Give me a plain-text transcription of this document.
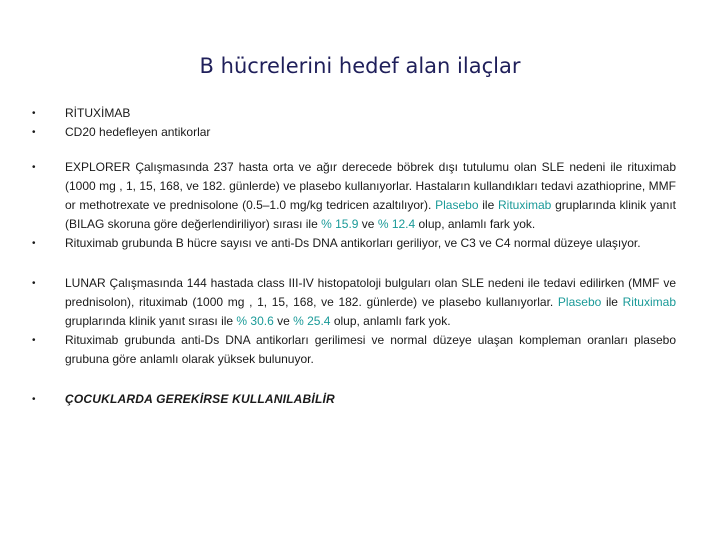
B hücrelerini hedef alan ilaçlar
• RİTUXİMAB
• CD20 hedefleyen antikorlar
• EXPLORER Çalışmasında 237 hasta orta ve ağır derecede böbrek dışı tutulumu olan SLE nedeni ile rituximab (1000 mg , 1, 15, 168, ve 182. günlerde) ve plasebo kullanıyorlar. Hastaların kullandıkları tedavi azathioprine, MMF or methotrexate ve prednisolone (0.5–1.0 mg/kg tedricen azaltılıyor). Plasebo ile Rituximab gruplarında klinik yanıt (BILAG skoruna göre değerlendiriliyor) sırası ile % 15.9 ve % 12.4 olup, anlamlı fark yok.
• Rituximab grubunda B hücre sayısı ve anti-Ds DNA antikorları geriliyor, ve C3 ve C4 normal düzeye ulaşıyor.
• LUNAR Çalışmasında 144 hastada class III-IV histopatoloji bulguları olan SLE nedeni ile tedavi edilirken (MMF ve prednisolon), rituximab (1000 mg , 1, 15, 168, ve 182. günlerde) ve plasebo kullanıyorlar. Plasebo ile Rituximab gruplarında klinik yanıt sırası ile % 30.6 ve % 25.4 olup, anlamlı fark yok.
• Rituximab grubunda anti-Ds DNA antikorları gerilimesi ve normal düzeye ulaşan kompleman oranları plasebo grubuna göre anlamlı olarak yüksek bulunuyor.
• ÇOCUKLARDA GEREKİRSE KULLANILABİLİR
